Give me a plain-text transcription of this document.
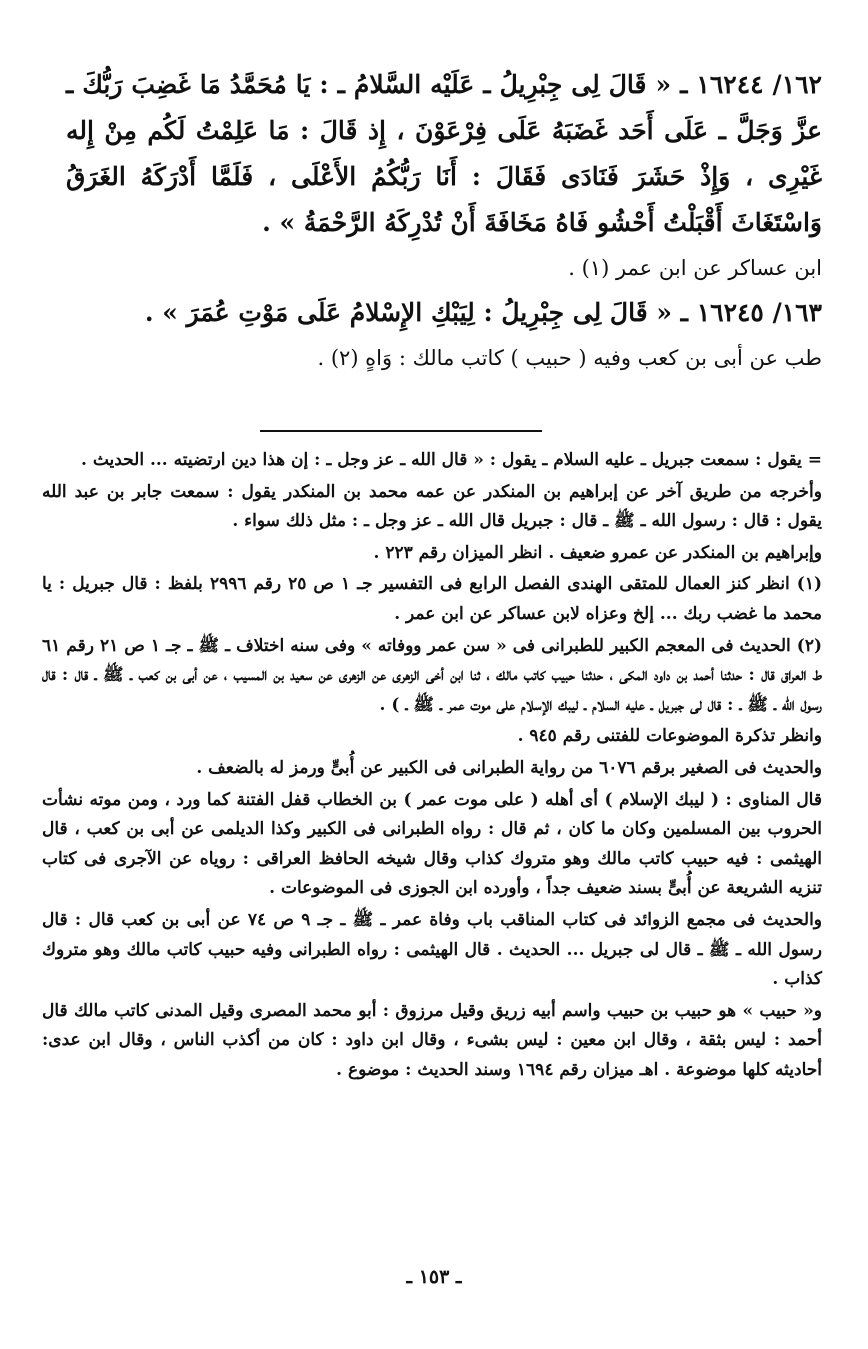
١٦٢/ ١٦٢٤٤ ـ « قَالَ لِى جِبْرِيلُ ـ عَلَيْه السَّلامُ ـ : يَا مُحَمَّدُ مَا غَضِبَ رَبُّكَ ـ عزَّ وَجَلَّ ـ عَلَى أَحَد غَضَبَهُ عَلَى فِرْعَوْنَ ، إِذ قَالَ : مَا عَلِمْتُ لَكُم مِنْ إِله غَيْرِى ، وَإِذْ حَشَرَ فَنَادَى فَقَالَ : أَنَا رَبُّكُمُ الأَعْلَى ، فَلَمَّا أَدْرَكَهُ الغَرَقُ وَاسْتَغَاثَ أَقْبَلْتُ أَحْشُو فَاهُ مَخَافَةَ أَنْ تُدْرِكَهُ الرَّحْمَةُ » .

ابن عساكر عن ابن عمر (١) .

١٦٣/ ١٦٢٤٥ ـ « قَالَ لِى جِبْرِيلُ : لِيَبْكِ الإِسْلامُ عَلَى مَوْتِ عُمَرَ » .

طب عن أبى بن كعب وفيه ( حبيب ) كاتب مالك : وَاهٍ (٢) .

= يقول : سمعت جبريل ـ عليه السلام ـ يقول : « قال الله ـ عز وجل ـ : إن هذا دين ارتضيته ... الحديث .

وأخرجه من طريق آخر عن إبراهيم بن المنكدر عن عمه محمد بن المنكدر يقول : سمعت جابر بن عبد الله يقول : قال : رسول الله ـ ﷺ ـ قال : جبريل قال الله ـ عز وجل ـ : مثل ذلك سواء .

وإبراهيم بن المنكدر عن عمرو ضعيف . انظر الميزان رقم ٢٢٣ .

(١) انظر كنز العمال للمتقى الهندى الفصل الرابع فى التفسير جـ ١ ص ٢٥ رقم ٢٩٩٦ بلفظ : قال جبريل : يا محمد ما غضب ربك ... إلخ وعزاه لابن عساكر عن ابن عمر .

(٢) الحديث فى المعجم الكبير للطبرانى فى « سن عمر ووفاته » وفى سنه اختلاف ـ ﷺ ـ جـ ١ ص ٢١ رقم ٦١ ط العراق قال : حدثنا أحمد بن داود المكى ، حدثنا حبيب كاتب مالك ، ثنا ابن أخى الزهرى عن الزهرى عن سعيد بن المسيب ، عن أبى بن كعب ـ ﷺ ـ قال : قال رسول الله ـ ﷺ ـ : قال لى جبريل ـ عليه السلام ـ ليبك الإسلام على موت عمر ـ ﷺ ـ ) .

وانظر تذكرة الموضوعات للفتنى رقم ٩٤٥ .

والحديث فى الصغير برقم ٦٠٧٦ من رواية الطبرانى فى الكبير عن أُبىٍّ ورمز له بالضعف .

قال المناوى : ( ليبك الإسلام ) أى أهله ( على موت عمر ) بن الخطاب قفل الفتنة كما ورد ، ومن موته نشأت الحروب بين المسلمين وكان ما كان ، ثم قال : رواه الطبرانى فى الكبير وكذا الديلمى عن أبى بن كعب ، قال الهيثمى : فيه حبيب كاتب مالك وهو متروك كذاب وقال شيخه الحافظ العراقى : روياه عن الآجرى فى كتاب تنزيه الشريعة عن أُبىٍّ بسند ضعيف جداً ، وأورده ابن الجوزى فى الموضوعات .

والحديث فى مجمع الزوائد فى كتاب المناقب باب وفاة عمر ـ ﷺ ـ جـ ٩ ص ٧٤ عن أبى بن كعب قال : قال رسول الله ـ ﷺ ـ قال لى جبريل ... الحديث . قال الهيثمى : رواه الطبرانى وفيه حبيب كاتب مالك وهو متروك كذاب .

و« حبيب » هو حبيب بن حبيب واسم أبيه زريق وقيل مرزوق : أبو محمد المصرى وقيل المدنى كاتب مالك قال أحمد : ليس بثقة ، وقال ابن معين : ليس بشىء ، وقال ابن داود : كان من أكذب الناس ، وقال ابن عدى: أحاديثه كلها موضوعة . اهـ ميزان رقم ١٦٩٤ وسند الحديث : موضوع .

ـ ١٥٣ ـ
